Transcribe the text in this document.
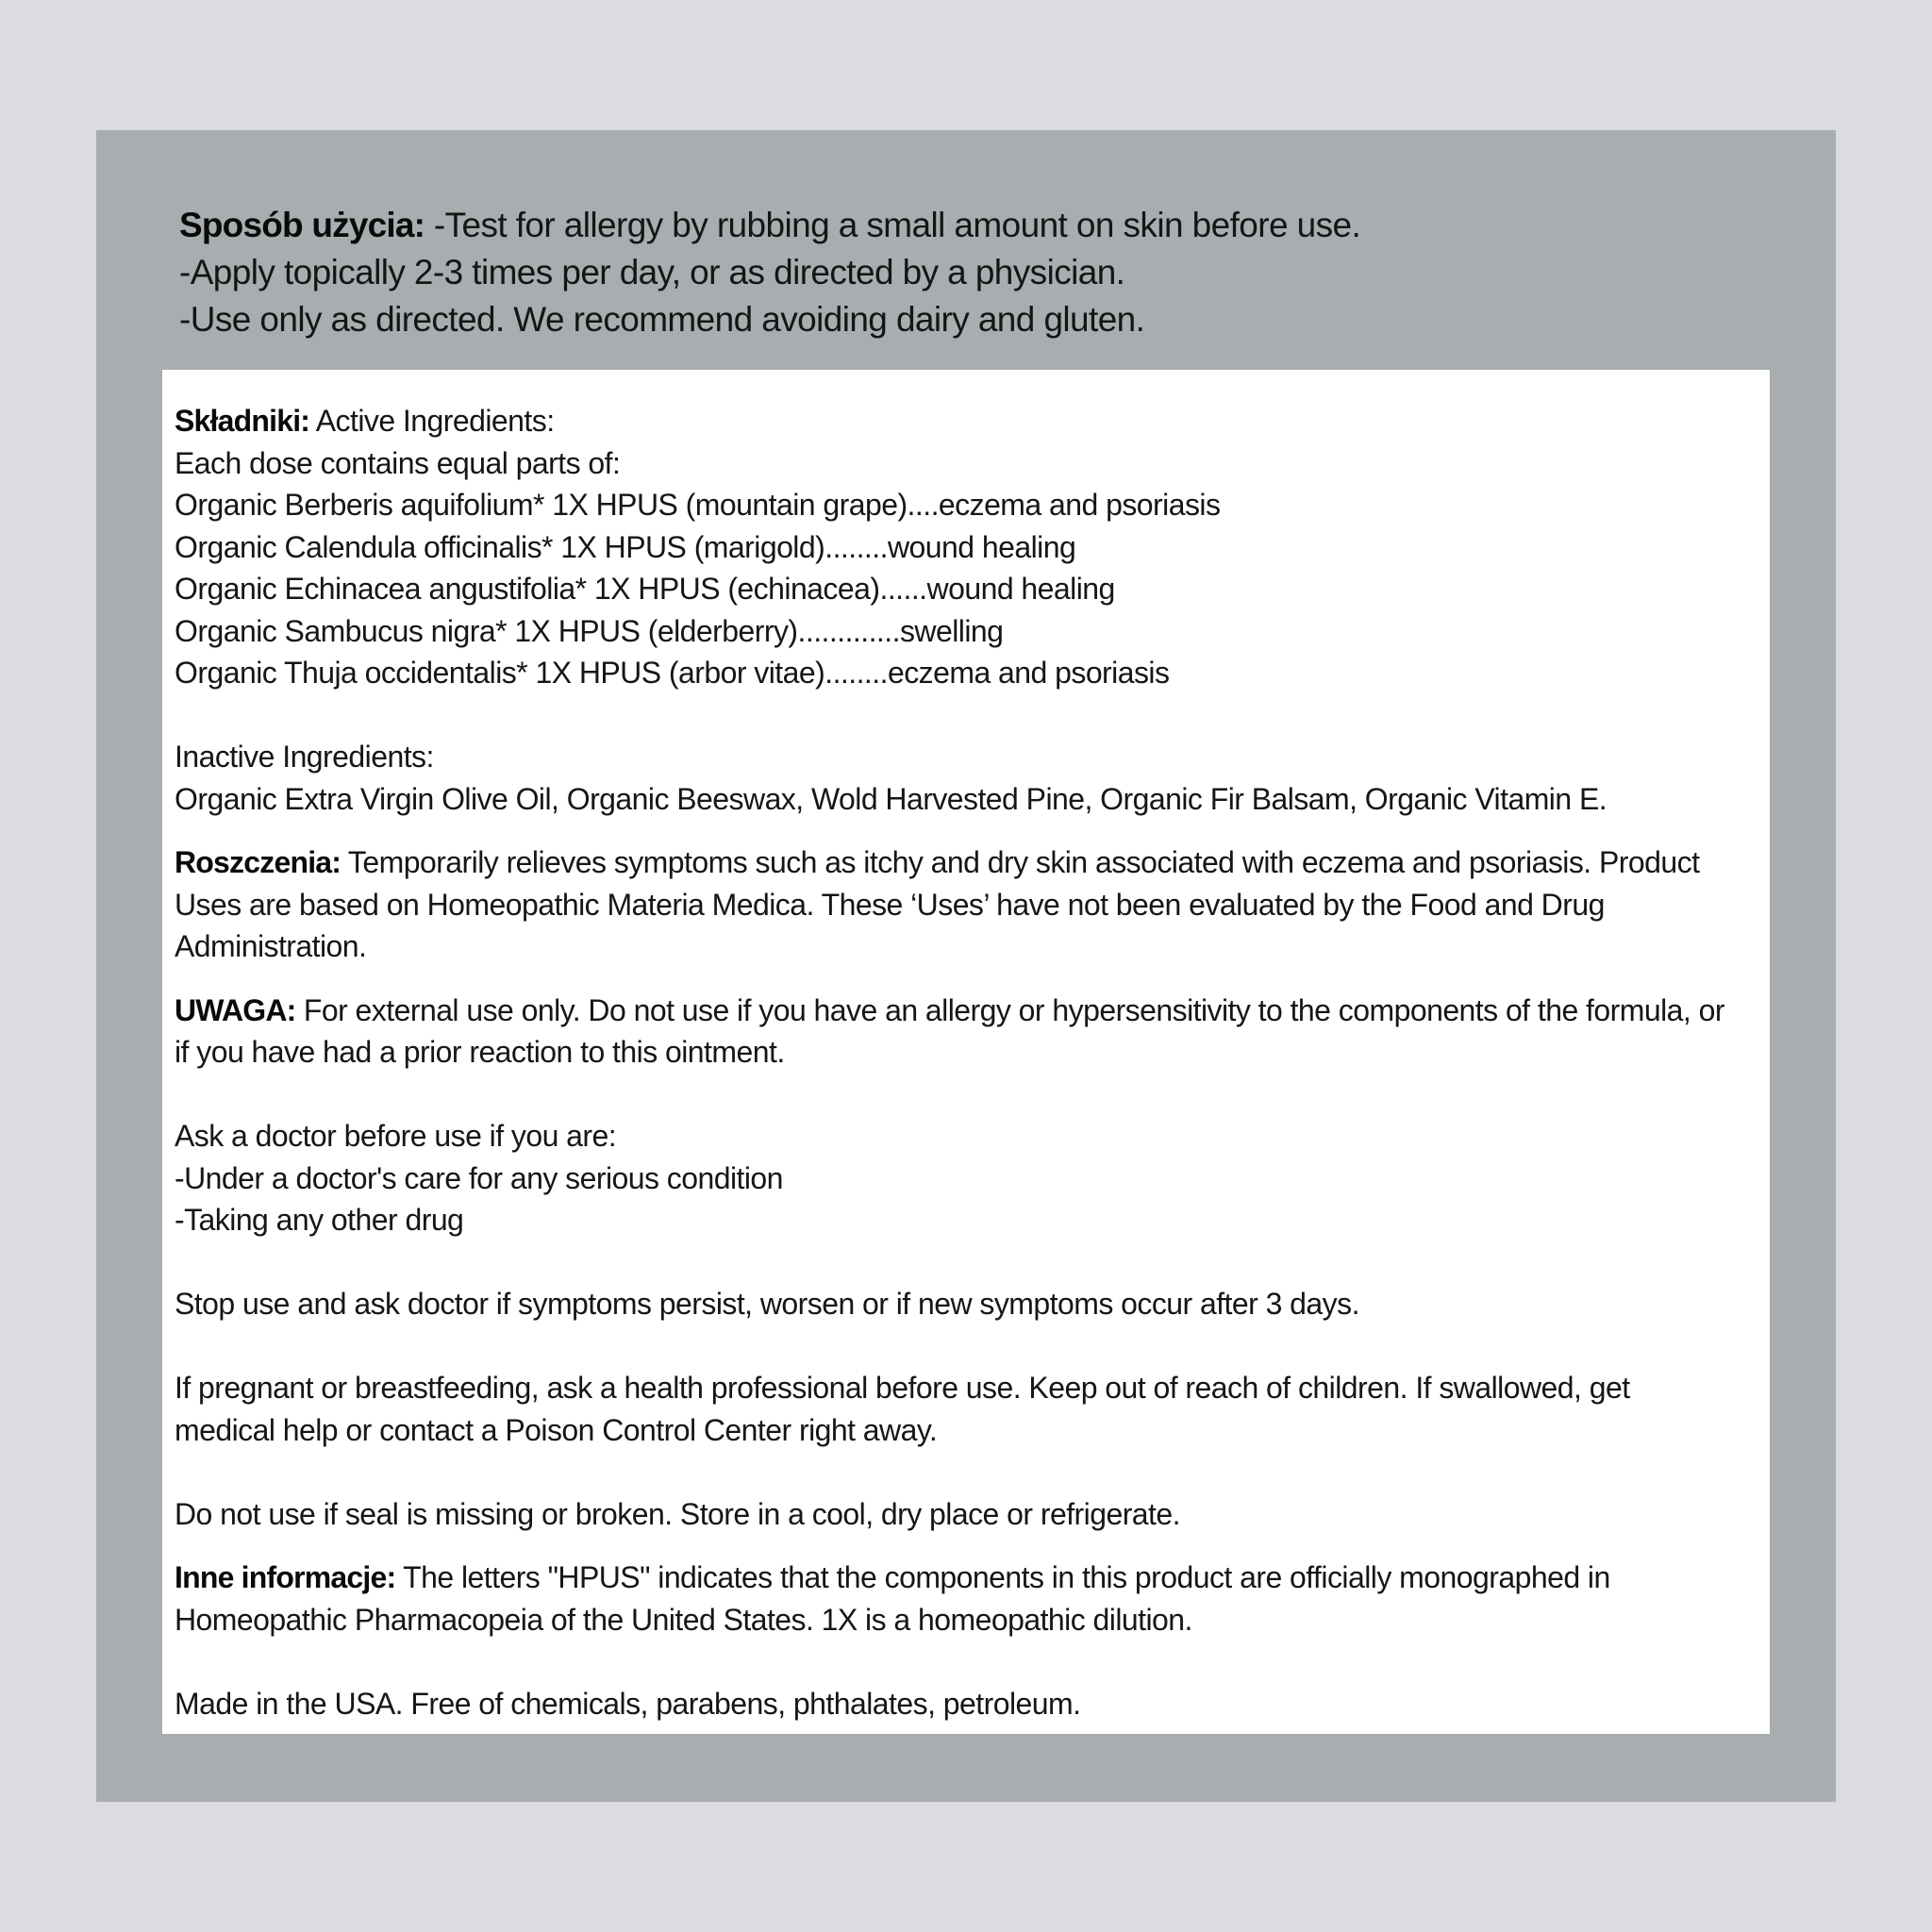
Sposób użycia: -Test for allergy by rubbing a small amount on skin before use.
-Apply topically 2-3 times per day, or as directed by a physician.
-Use only as directed. We recommend avoiding dairy and gluten.
Składniki: Active Ingredients:
Each dose contains equal parts of:
Organic Berberis aquifolium* 1X HPUS (mountain grape)....eczema and psoriasis
Organic Calendula officinalis* 1X HPUS (marigold)........wound healing
Organic Echinacea angustifolia* 1X HPUS (echinacea)......wound healing
Organic Sambucus nigra* 1X HPUS (elderberry).............swelling
Organic Thuja occidentalis* 1X HPUS (arbor vitae)........eczema and psoriasis
Inactive Ingredients:
Organic Extra Virgin Olive Oil, Organic Beeswax, Wold Harvested Pine, Organic Fir Balsam, Organic Vitamin E.
Roszczenia: Temporarily relieves symptoms such as itchy and dry skin associated with eczema and psoriasis. Product
Uses are based on Homeopathic Materia Medica. These ‘Uses’ have not been evaluated by the Food and Drug
Administration.
UWAGA: For external use only. Do not use if you have an allergy or hypersensitivity to the components of the formula, or
if you have had a prior reaction to this ointment.
Ask a doctor before use if you are:
-Under a doctor's care for any serious condition
-Taking any other drug
Stop use and ask doctor if symptoms persist, worsen or if new symptoms occur after 3 days.
If pregnant or breastfeeding, ask a health professional before use. Keep out of reach of children. If swallowed, get
medical help or contact a Poison Control Center right away.
Do not use if seal is missing or broken. Store in a cool, dry place or refrigerate.
Inne informacje: The letters "HPUS" indicates that the components in this product are officially monographed in
Homeopathic Pharmacopeia of the United States. 1X is a homeopathic dilution.
Made in the USA. Free of chemicals, parabens, phthalates, petroleum.
